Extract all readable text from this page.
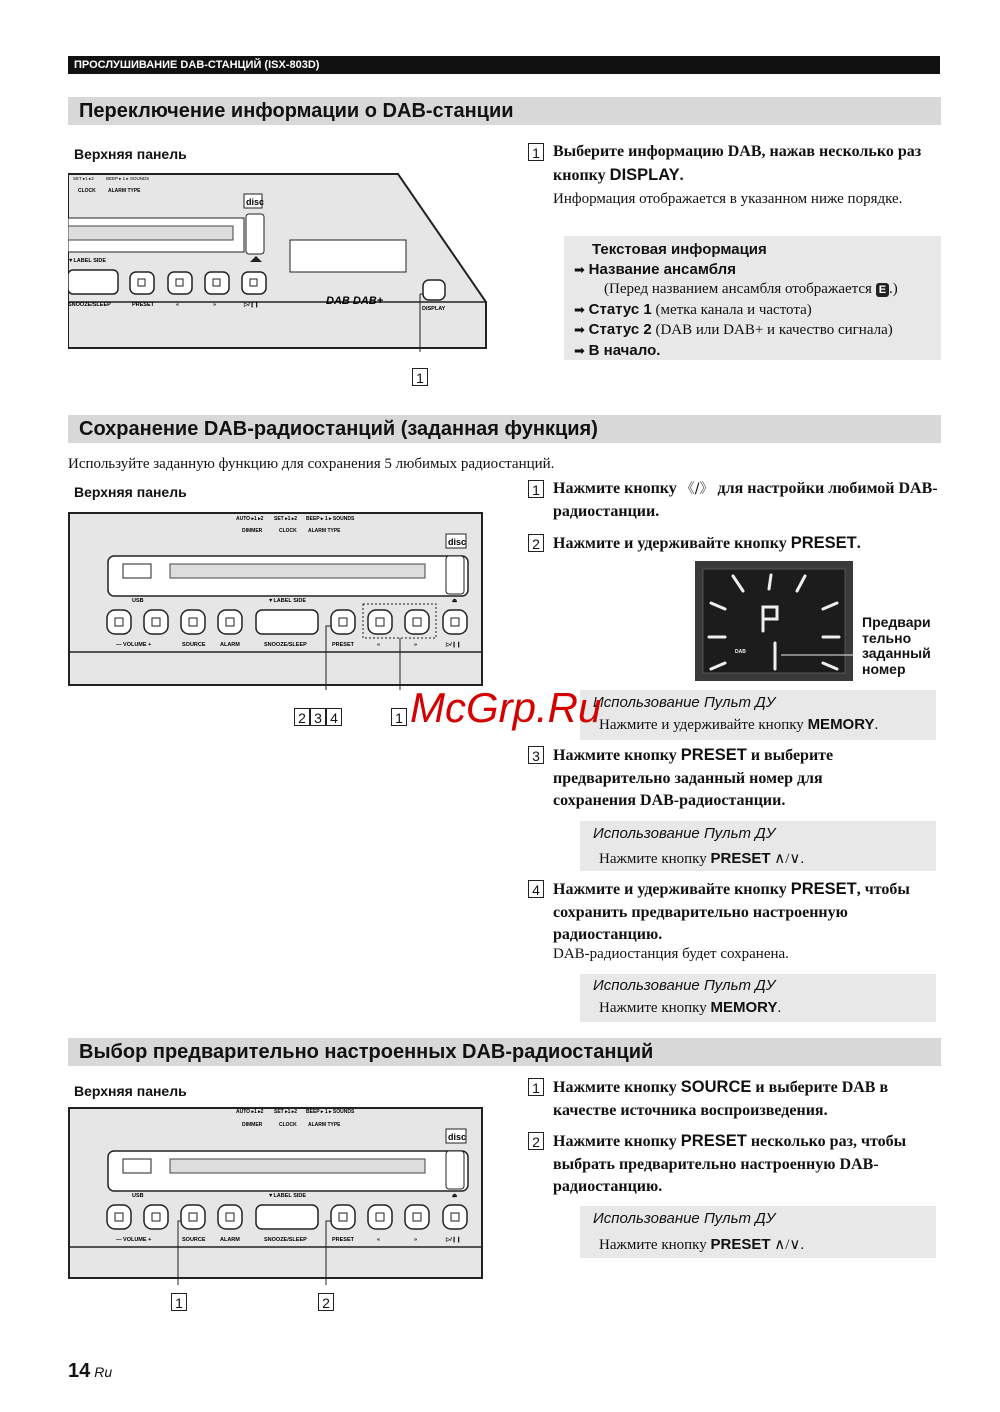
ПРОСЛУШИВАНИЕ DAB-СТАНЦИЙ (ISX-803D)
Переключение информации о DAB-станции
Верхняя панель
SET ▸1 ▸2
CLOCK
BEEP ▸ 1 ▸ SOUNDS
ALARM TYPE
disc
▼LABEL SIDE
SNOOZE/SLEEP	PRESET	«	»	▷/❙❙	DAB DAB+
DISPLAY
1
1 Выберите информацию DAB, нажав несколько раз кнопку DISPLAY.
Информация отображается в указанном ниже порядке.
Текстовая информация
➡ Название ансамбля
(Перед названием ансамбля отображается E .)
➡ Статус 1 (метка канала и частота)
➡ Статус 2 (DAB или DAB+ и качество сигнала)
➡ В начало.
Сохранение DAB-радиостанций (заданная функция)
Используйте заданную функцию для сохранения 5 любимых радиостанций.
Верхняя панель
AUTO ▸1 ▸2
DIMMER
SET ▸1 ▸2
CLOCK
BEEP ▸ 1 ▸ SOUNDS
ALARM TYPE
disc
USB	▼LABEL SIDE	⏏
— VOLUME +	SOURCE	ALARM	SNOOZE/SLEEP	PRESET	«	»	▷/❙❙
2 3 4	1
1 Нажмите кнопку 《/》 для настройки любимой DAB-радиостанции.
2 Нажмите и удерживайте кнопку PRESET.
DAB
Предвари тельно заданный номер
Использование Пульт ДУ
Нажмите и удерживайте кнопку MEMORY.
McGrp.Ru
3 Нажмите кнопку PRESET и выберите предварительно заданный номер для сохранения DAB-радиостанции.
Использование Пульт ДУ
Нажмите кнопку PRESET ∧/∨.
4 Нажмите и удерживайте кнопку PRESET, чтобы сохранить предварительно настроенную радиостанцию.
DAB-радиостанция будет сохранена.
Использование Пульт ДУ
Нажмите кнопку MEMORY.
Выбор предварительно настроенных DAB-радиостанций
Верхняя панель
AUTO ▸1 ▸2
DIMMER
SET ▸1 ▸2
CLOCK
BEEP ▸ 1 ▸ SOUNDS
ALARM TYPE
disc
USB	▼LABEL SIDE	⏏
— VOLUME +	SOURCE	ALARM	SNOOZE/SLEEP	PRESET	«	»	▷/❙❙
1	2
1 Нажмите кнопку SOURCE и выберите DAB в качестве источника воспроизведения.
2 Нажмите кнопку PRESET несколько раз, чтобы выбрать предварительно настроенную DAB-радиостанцию.
Использование Пульт ДУ
Нажмите кнопку PRESET ∧/∨.
14 Ru
